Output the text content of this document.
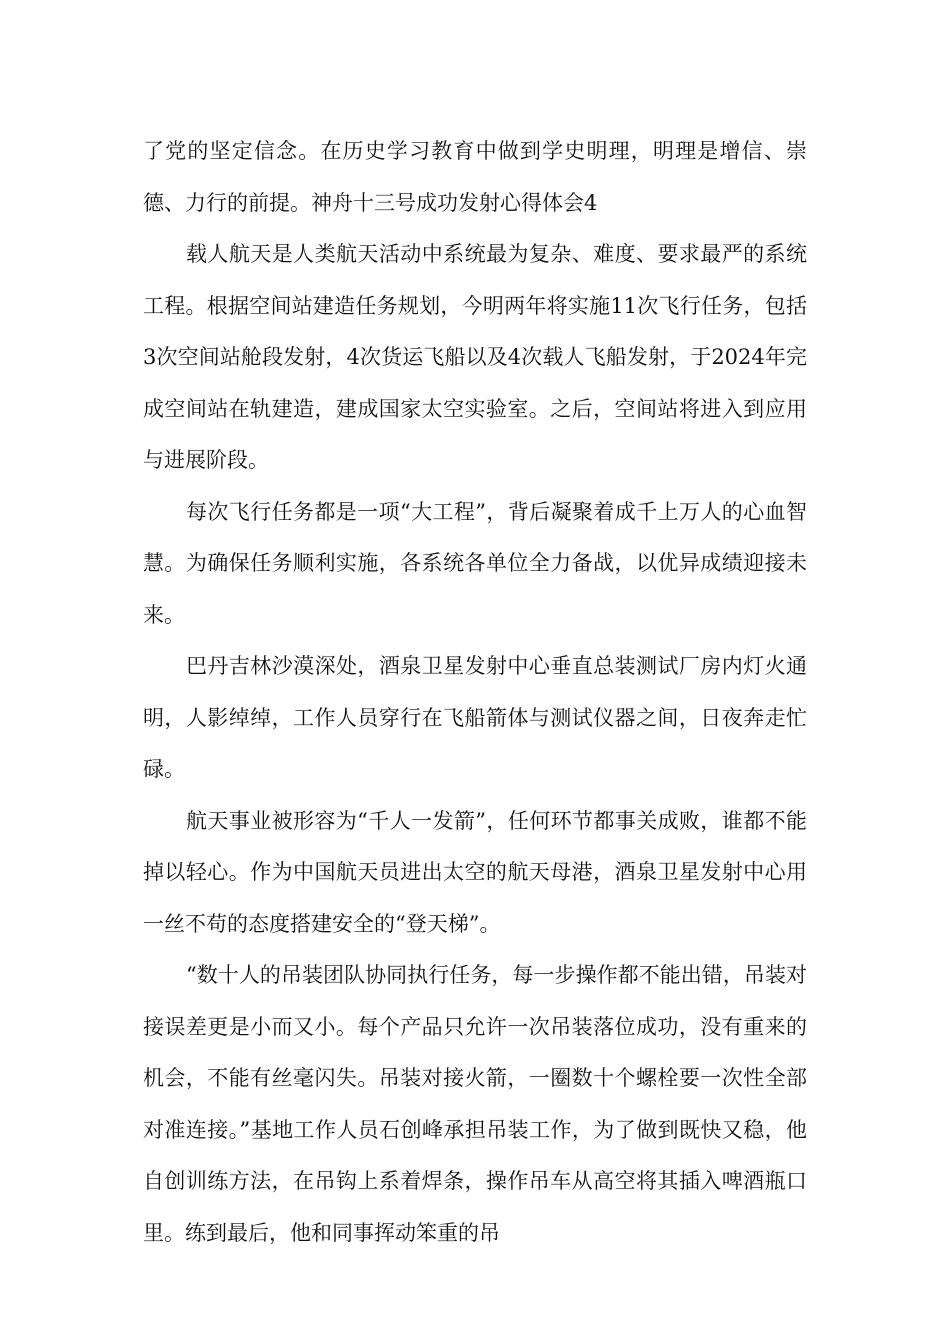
了党的坚定信念。在历史学习教育中做到学史明理，明理是增信、崇德、力行的前提。神舟十三号成功发射心得体会4

载人航天是人类航天活动中系统最为复杂、难度、要求最严的系统工程。根据空间站建造任务规划，今明两年将实施11次飞行任务，包括3次空间站舱段发射，4次货运飞船以及4次载人飞船发射，于2024年完成空间站在轨建造，建成国家太空实验室。之后，空间站将进入到应用与进展阶段。

每次飞行任务都是一项“大工程”，背后凝聚着成千上万人的心血智慧。为确保任务顺利实施，各系统各单位全力备战，以优异成绩迎接未来。

巴丹吉林沙漠深处，酒泉卫星发射中心垂直总装测试厂房内灯火通明，人影绰绰，工作人员穿行在飞船箭体与测试仪器之间，日夜奔走忙碌。

航天事业被形容为“千人一发箭”，任何环节都事关成败，谁都不能掉以轻心。作为中国航天员进出太空的航天母港，酒泉卫星发射中心用一丝不苟的态度搭建安全的“登天梯”。

“数十人的吊装团队协同执行任务，每一步操作都不能出错，吊装对接误差更是小而又小。每个产品只允许一次吊装落位成功，没有重来的机会，不能有丝毫闪失。吊装对接火箭，一圈数十个螺栓要一次性全部对准连接。”基地工作人员石创峰承担吊装工作，为了做到既快又稳，他自创训练方法，在吊钩上系着焊条，操作吊车从高空将其插入啤酒瓶口里。练到最后，他和同事挥动笨重的吊
